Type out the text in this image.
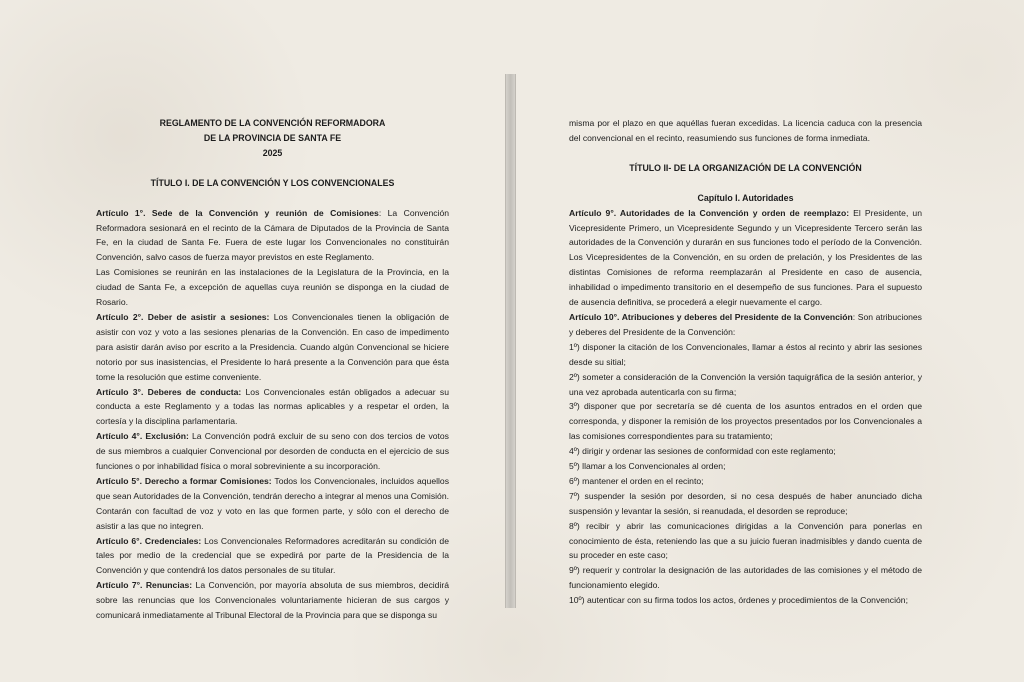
REGLAMENTO DE LA CONVENCIÓN REFORMADORA

DE LA PROVINCIA DE SANTA FE

2025

TÍTULO I. DE LA CONVENCIÓN Y LOS CONVENCIONALES

Artículo 1°. Sede de la Convención y reunión de Comisiones: La Convención Reformadora sesionará en el recinto de la Cámara de Diputados de la Provincia de Santa Fe, en la ciudad de Santa Fe. Fuera de este lugar los Convencionales no constituirán Convención, salvo casos de fuerza mayor previstos en este Reglamento.

Las Comisiones se reunirán en las instalaciones de la Legislatura de la Provincia, en la ciudad de Santa Fe, a excepción de aquellas cuya reunión se disponga en la ciudad de Rosario.

Artículo 2°. Deber de asistir a sesiones: Los Convencionales tienen la obligación de asistir con voz y voto a las sesiones plenarias de la Convención. En caso de impedimento para asistir darán aviso por escrito a la Presidencia. Cuando algún Convencional se hiciere notorio por sus inasistencias, el Presidente lo hará presente a la Convención para que ésta tome la resolución que estime conveniente.

Artículo 3°. Deberes de conducta: Los Convencionales están obligados a adecuar su conducta a este Reglamento y a todas las normas aplicables y a respetar el orden, la cortesía y la disciplina parlamentaria.

Artículo 4°. Exclusión: La Convención podrá excluir de su seno con dos tercios de votos de sus miembros a cualquier Convencional por desorden de conducta en el ejercicio de sus funciones o por inhabilidad física o moral sobreviniente a su incorporación.

Artículo 5°. Derecho a formar Comisiones: Todos los Convencionales, incluidos aquellos que sean Autoridades de la Convención, tendrán derecho a integrar al menos una Comisión. Contarán con facultad de voz y voto en las que formen parte, y sólo con el derecho de asistir a las que no integren.

Artículo 6°. Credenciales: Los Convencionales Reformadores acreditarán su condición de tales por medio de la credencial que se expedirá por parte de la Presidencia de la Convención y que contendrá los datos personales de su titular.

Artículo 7°. Renuncias: La Convención, por mayoría absoluta de sus miembros, decidirá sobre las renuncias que los Convencionales voluntariamente hicieran de sus cargos y comunicará inmediatamente al Tribunal Electoral de la Provincia para que se disponga su

misma por el plazo en que aquéllas fueran excedidas. La licencia caduca con la presencia del convencional en el recinto, reasumiendo sus funciones de forma inmediata.

TÍTULO II- DE LA ORGANIZACIÓN DE LA CONVENCIÓN

Capítulo I. Autoridades

Artículo 9°. Autoridades de la Convención y orden de reemplazo: El Presidente, un Vicepresidente Primero, un Vicepresidente Segundo y un Vicepresidente Tercero serán las autoridades de la Convención y durarán en sus funciones todo el período de la Convención. Los Vicepresidentes de la Convención, en su orden de prelación, y los Presidentes de las distintas Comisiones de reforma reemplazarán al Presidente en caso de ausencia, inhabilidad o impedimento transitorio en el desempeño de sus funciones. Para el supuesto de ausencia definitiva, se procederá a elegir nuevamente el cargo.

Artículo 10°. Atribuciones y deberes del Presidente de la Convención: Son atribuciones y deberes del Presidente de la Convención:

1º) disponer la citación de los Convencionales, llamar a éstos al recinto y abrir las sesiones desde su sitial;

2º) someter a consideración de la Convención la versión taquigráfica de la sesión anterior, y una vez aprobada autenticarla con su firma;

3º) disponer que por secretaría se dé cuenta de los asuntos entrados en el orden que corresponda, y disponer la remisión de los proyectos presentados por los Convencionales a las comisiones correspondientes para su tratamiento;

4º) dirigir y ordenar las sesiones de conformidad con este reglamento;

5º) llamar a los Convencionales al orden;

6º) mantener el orden en el recinto;

7º) suspender la sesión por desorden, si no cesa después de haber anunciado dicha suspensión y levantar la sesión, si reanudada, el desorden se reproduce;

8º) recibir y abrir las comunicaciones dirigidas a la Convención para ponerlas en conocimiento de ésta, reteniendo las que a su juicio fueran inadmisibles y dando cuenta de su proceder en este caso;

9º) requerir y controlar la designación de las autoridades de las comisiones y el método de funcionamiento elegido.

10º) autenticar con su firma todos los actos, órdenes y procedimientos de la Convención;
